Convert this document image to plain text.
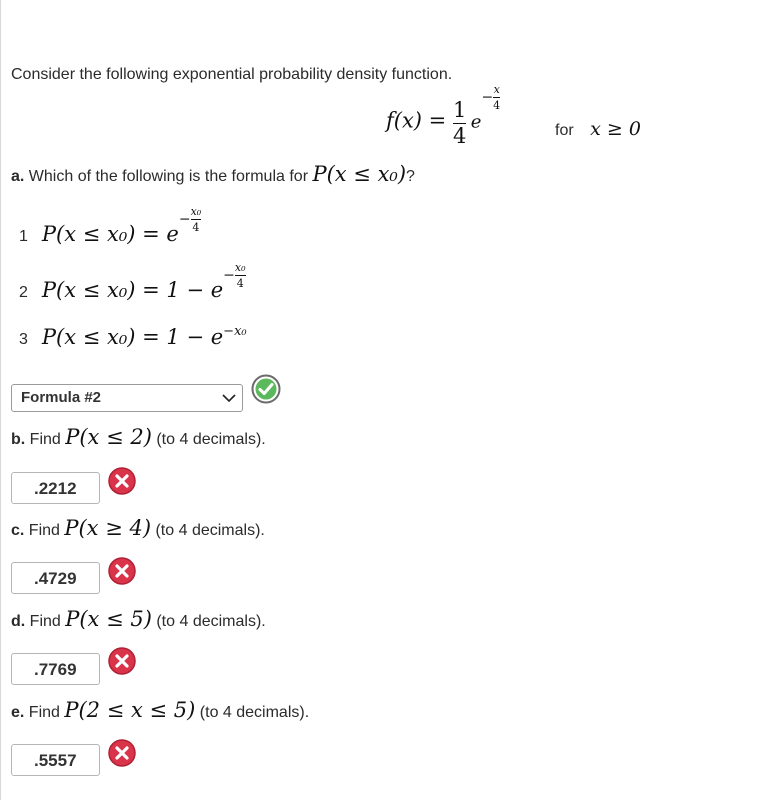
Consider the following exponential probability density function.
$f(x) = \frac{1}{4} e- \frac{x}{4}$
for x ≥ 0
a. Which of the following is the formula for P(x ≤ x₀)?
1 $P(x \le x_0) = e- \frac{\text{x₀}}{4}$
2 $P(x \le x_0) = 1 - e- \frac{\text{x₀}}{4}$
3 $P(x \le x_0) = 1 - e^{-x_0}$
Formula #2
b. Find P(x ≤ 2) (to 4 decimals).
.2212
c. Find P(x ≥ 4) (to 4 decimals).
.4729
d. Find P(x ≤ 5) (to 4 decimals).
.7769
e. Find P(2 ≤ x ≤ 5) (to 4 decimals).
.5557
